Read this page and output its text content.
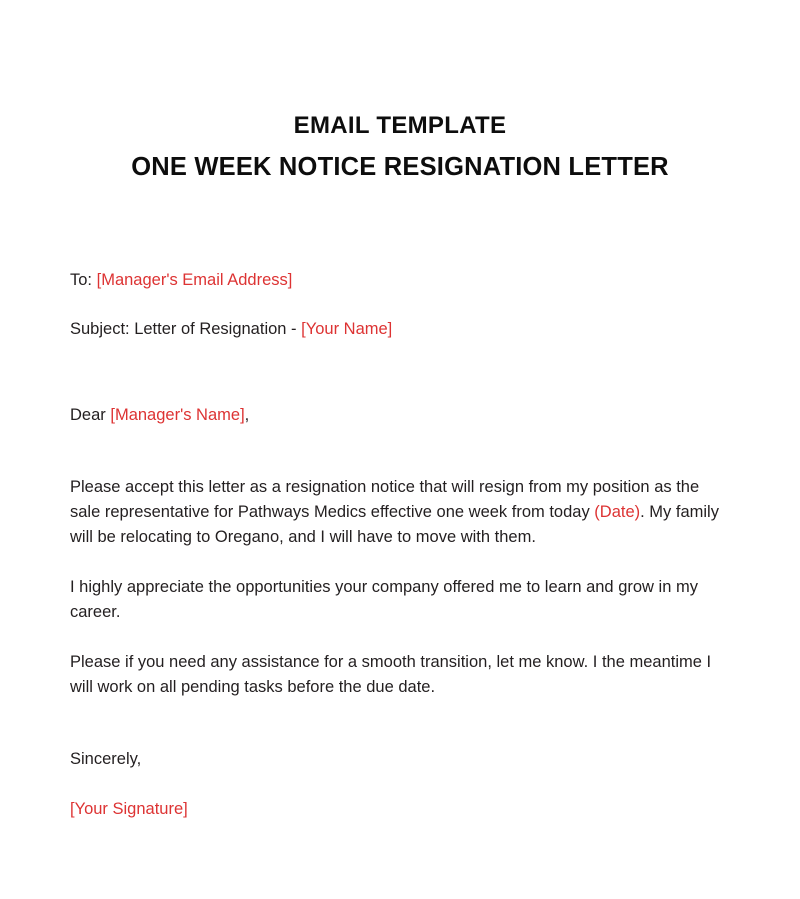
EMAIL TEMPLATE
ONE WEEK NOTICE RESIGNATION LETTER

To: [Manager's Email Address]

Subject: Letter of Resignation - [Your Name]

Dear [Manager's Name],

Please accept this letter as a resignation notice that will resign from my position as the sale representative for Pathways Medics effective one week from today (Date). My family will be relocating to Oregano, and I will have to move with them.

I highly appreciate the opportunities your company offered me to learn and grow in my career.

Please if you need any assistance for a smooth transition, let me know. I the meantime I will work on all pending tasks before the due date.

Sincerely,

[Your Signature]
